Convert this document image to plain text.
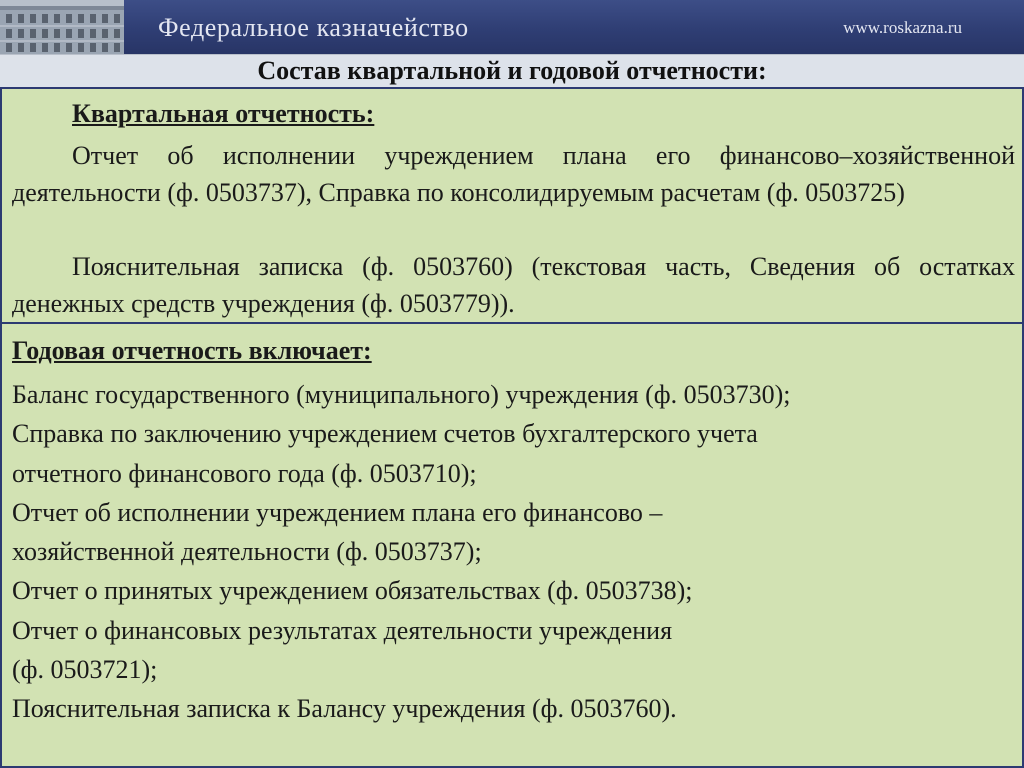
Федеральное казначейство	www.roskazna.ru
Состав квартальной и годовой отчетности:
Квартальная отчетность:

Отчет об исполнении учреждением плана его финансово–хозяйственной деятельности (ф. 0503737), Справка по консолидируемым расчетам (ф. 0503725)

Пояснительная записка (ф. 0503760) (текстовая часть, Сведения об остатках денежных средств учреждения (ф. 0503779)).

Годовая отчетность включает:
Баланс государственного (муниципального) учреждения (ф. 0503730);
Справка по заключению учреждением счетов бухгалтерского учета
отчетного финансового года (ф. 0503710);
Отчет об исполнении учреждением плана его финансово –
хозяйственной деятельности (ф. 0503737);
Отчет о принятых учреждением обязательствах (ф. 0503738);
Отчет о финансовых результатах деятельности учреждения
(ф. 0503721);
Пояснительная записка к Балансу учреждения (ф. 0503760).
